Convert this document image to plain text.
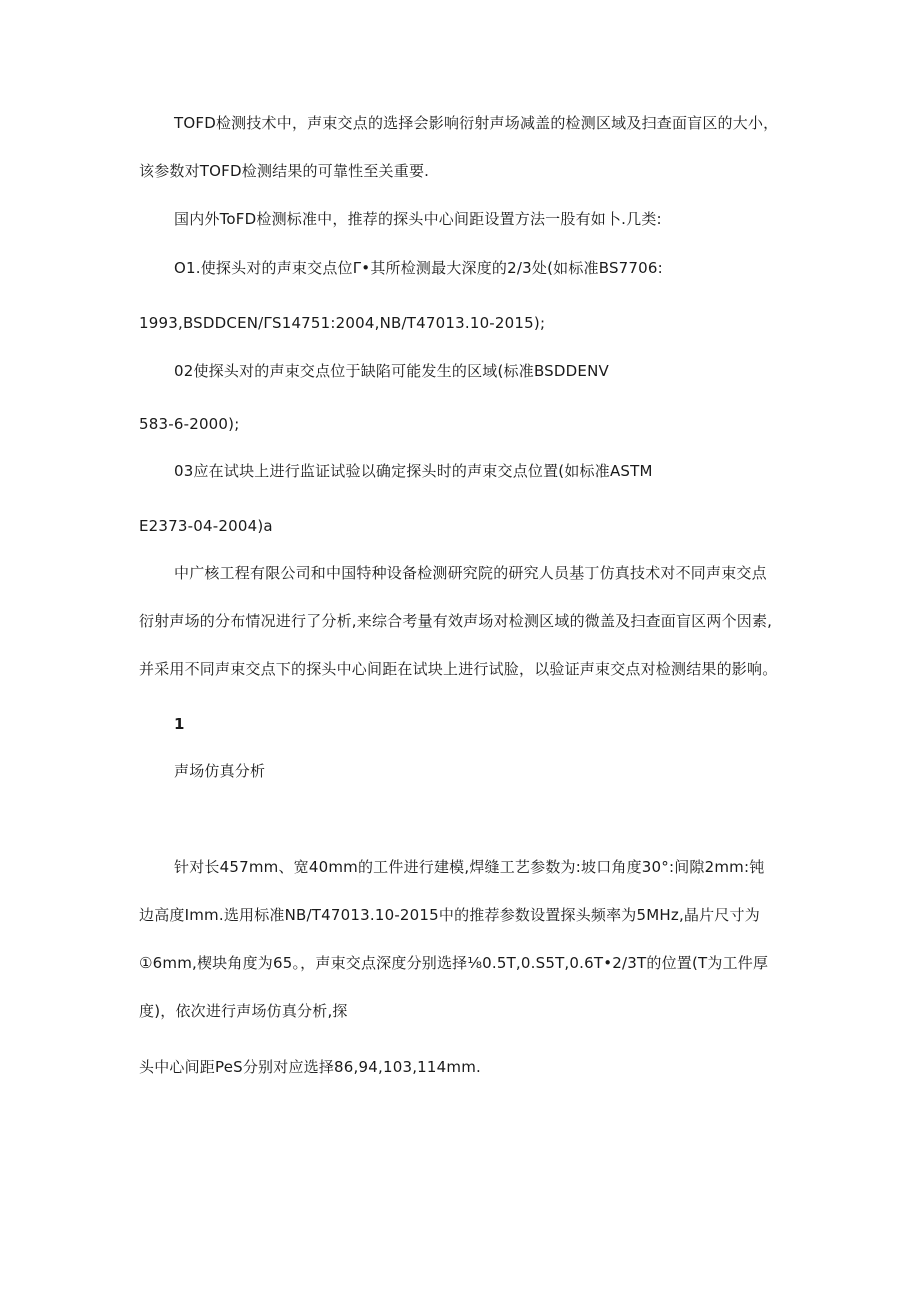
TOFD检测技术中，声束交点的选择会影响衍射声场减盖的检测区域及扫查面盲区的大小，
该参数对TOFD检测结果的可靠性至关重要.
国内外ToFD检测标准中，推荐的探头中心间距设置方法一股有如卜.几类:
O1.使探头对的声束交点位Γ•其所检测最大深度的2/3处(如标准BS7706:
1993,BSDDCEN/ΓS14751:2004,NB/T47013.10-2015);
02使探头对的声束交点位于缺陷可能发生的区域(标准BSDDENV
583-6-2000);
03应在试块上进行监证试验以确定探头时的声束交点位置(如标准ASTM
E2373-04-2004)a
中广核工程有限公司和中国特种设备检测研究院的研究人员基丁仿真技术对不同声束交点
衍射声场的分布情况进行了分析,来综合考量有效声场对检测区域的微盖及扫查面盲区两个因素,
并采用不同声束交点下的探头中心间距在试块上进行试脸，以验证声束交点对检测结果的影响。
1
声场仿真分析
针对长457mm、宽40mm的工件进行建模,焊缝工艺参数为:坡口角度30°:间隙2mm:钝
边高度Imm.选用标准NB/T47013.10-2015中的推荐参数设置探头频率为5MHz,晶片尺寸为
①6mm,楔块角度为65。，声束交点深度分别选择⅛0.5T,0.S5T,0.6T•2/3T的位置(T为工件厚
度)，依次进行声场仿真分析,探
头中心间距PeS分别对应选择86,94,103,114mm.
